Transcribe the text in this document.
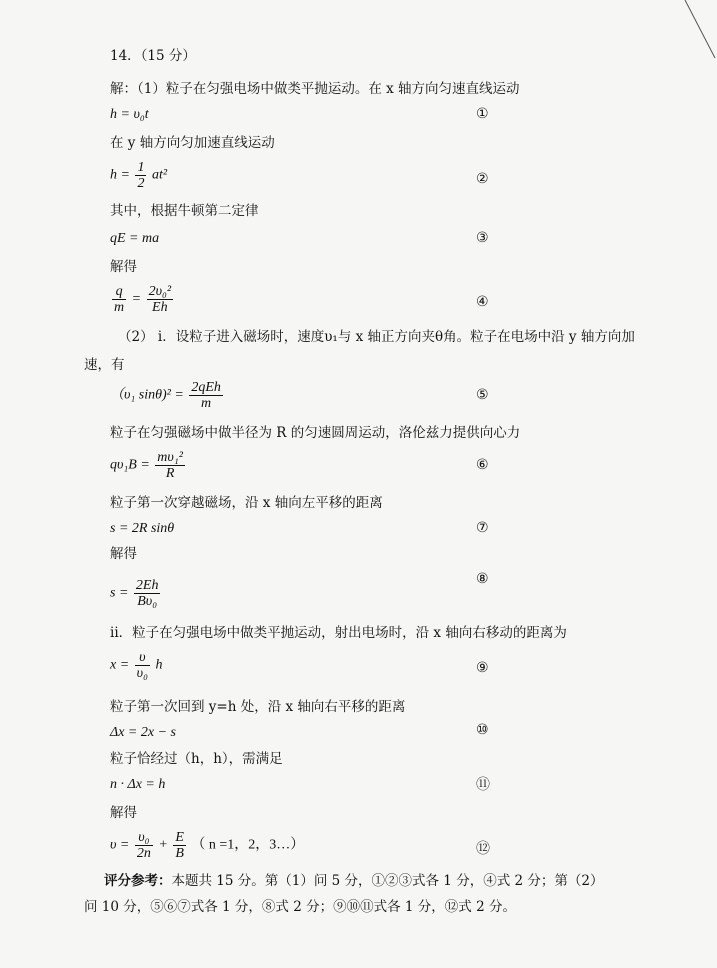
14．（15 分）
解：（1）粒子在匀强电场中做类平抛运动。在 x 轴方向匀速直线运动
h = υ₀t	①
在 y 轴方向匀加速直线运动
$h = \frac{1}{2} at^2$	②
其中，根据牛顿第二定律
qE = ma	③
解得
$\frac{q}{m} = \frac{\text{2υ₀²}}{Eh}$	④
（2） i．设粒子进入磁场时，速度υ₁与 x 轴正方向夹θ角。粒子在电场中沿 y 轴方向加
速，有
（υ₁ $\sin\theta)^2 = \frac{\text{2qEh}}{m}$	⑤
粒子在匀强磁场中做半径为 R 的匀速圆周运动，洛伦兹力提供向心力
$q\upsilon_1B = \frac{\text{mυ₁²}}{R}$	⑥
粒子第一次穿越磁场，沿 x 轴向左平移的距离
s = 2R sinθ	⑦
解得
$s = \frac{2Eh}{\text{Bυ₀}}$	⑧
ii．粒子在匀强电场中做类平抛运动，射出电场时，沿 x 轴向右移动的距离为
$x = \frac{\upsilon}{\text{υ₀}}$ h	⑨
粒子第一次回到 y=h 处，沿 x 轴向右平移的距离
Δx = 2x − s	⑩
粒子恰经过（h，h），需满足
n · Δx = h	⑪
解得
$\upsilon = \frac{\text{υ₀}}{2n} + \frac{E}{B}$ （ n =1，2，3…）	⑫
评分参考：本题共 15 分。第（1）问 5 分，①②③式各 1 分，④式 2 分；第（2）
问 10 分，⑤⑥⑦式各 1 分，⑧式 2 分；⑨⑩⑪式各 1 分，⑫式 2 分。
